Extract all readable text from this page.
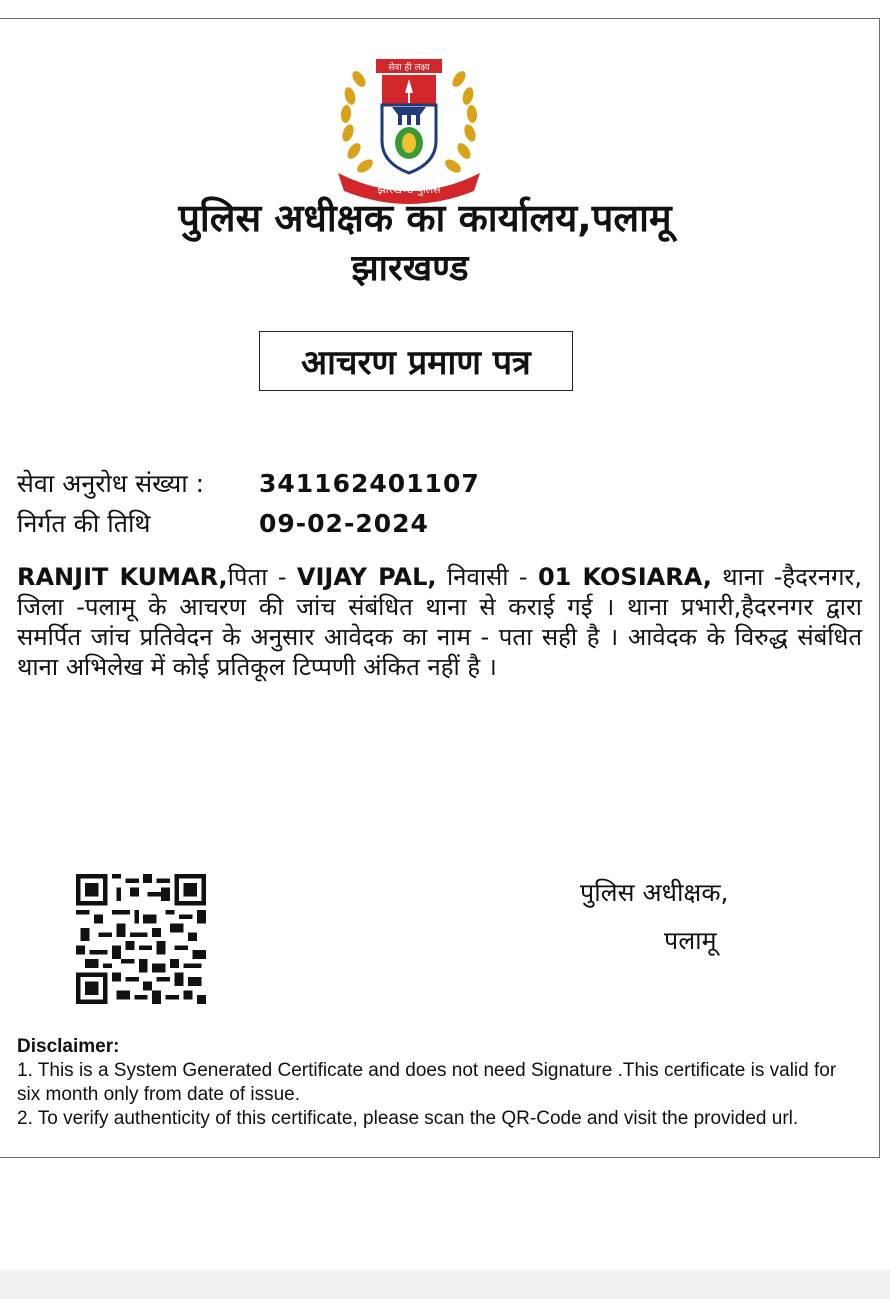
सेवा ही लक्ष्य
झारखण्ड पुलिस
पुलिस अधीक्षक का कार्यालय,पलामू
झारखण्ड
आचरण प्रमाण पत्र
सेवा अनुरोध संख्या : 341162401107
निर्गत की तिथि	09-02-2024
RANJIT KUMAR,पिता - VIJAY PAL, निवासी - 01 KOSIARA, थाना -हैदरनगर, जिला -पलामू के आचरण की जांच संबंधित थाना से कराई गई । थाना प्रभारी,हैदरनगर द्वारा समर्पित जांच प्रतिवेदन के अनुसार आवेदक का नाम - पता सही है । आवेदक के विरुद्ध संबंधित थाना अभिलेख में कोई प्रतिकूल टिप्पणी अंकित नहीं है ।
पुलिस अधीक्षक,
पलामू
Disclaimer:
1. This is a System Generated Certificate and does not need Signature .This certificate is valid for six month only from date of issue.
2. To verify authenticity of this certificate, please scan the QR-Code and visit the provided url.
